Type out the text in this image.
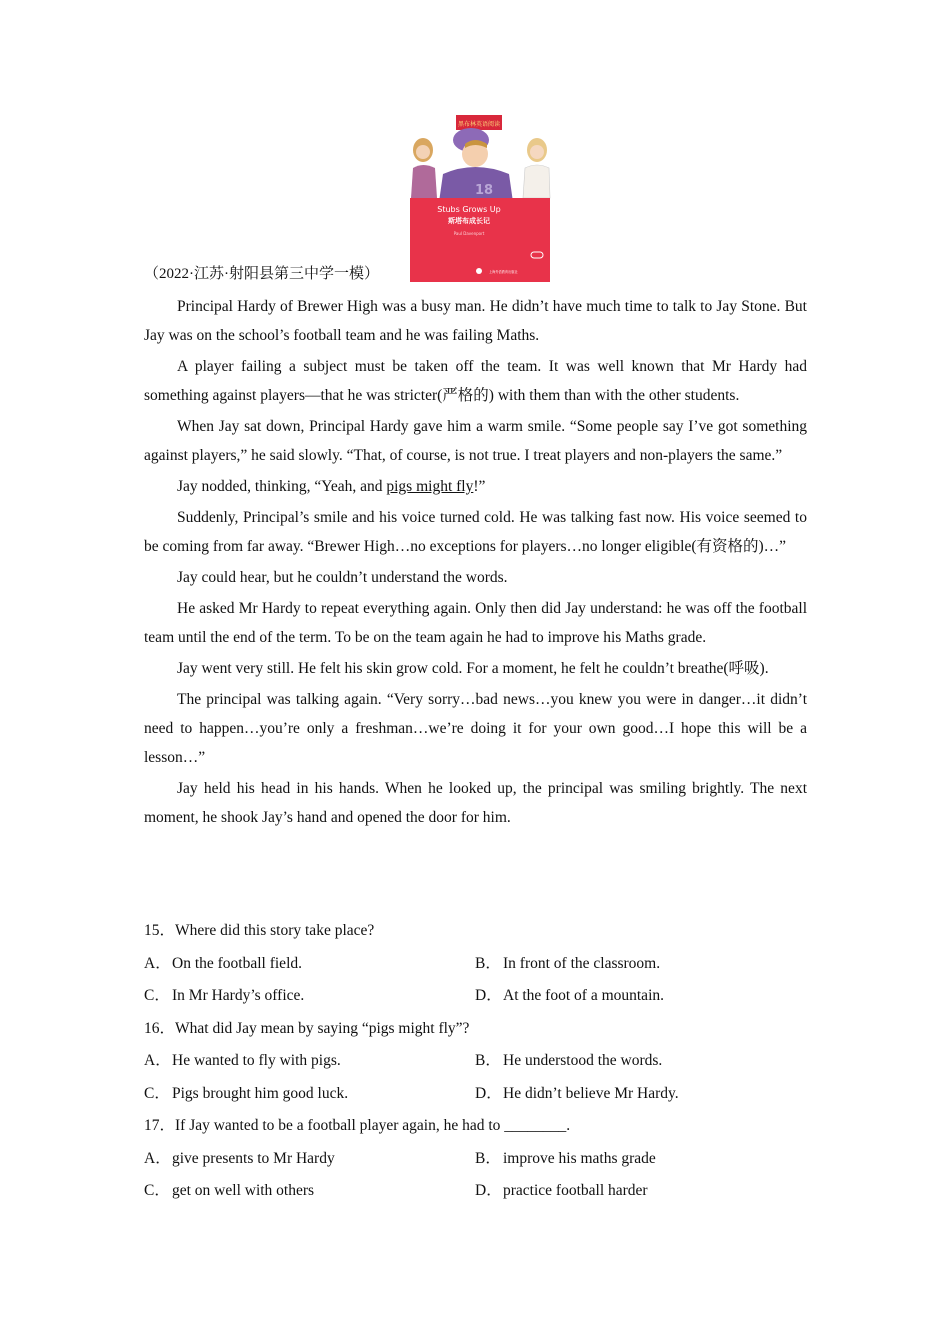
黑布林英语阅读
18
Stubs Grows Up
斯塔布成长记
Paul Davenport
上海外语教育出版社
（2022·江苏·射阳县第三中学一模）

Principal Hardy of Brewer High was a busy man. He didn’t have much time to talk to Jay Stone. But Jay was on the school’s football team and he was failing Maths.

A player failing a subject must be taken off the team. It was well known that Mr Hardy had something against players—that he was stricter(严格的) with them than with the other students.

When Jay sat down, Principal Hardy gave him a warm smile. “Some people say I’ve got something against players,” he said slowly. “That, of course, is not true. I treat players and non-players the same.”

Jay nodded, thinking, “Yeah, and pigs might fly!”

Suddenly, Principal’s smile and his voice turned cold. He was talking fast now. His voice seemed to be coming from far away. “Brewer High…no exceptions for players…no longer eligible(有资格的)…”

Jay could hear, but he couldn’t understand the words.

He asked Mr Hardy to repeat everything again. Only then did Jay understand: he was off the football team until the end of the term. To be on the team again he had to improve his Maths grade.

Jay went very still. He felt his skin grow cold. For a moment, he felt he couldn’t breathe(呼吸).

The principal was talking again. “Very sorry…bad news…you knew you were in danger…it didn’t need to happen…you’re only a freshman…we’re doing it for your own good…I hope this will be a lesson…”

Jay held his head in his hands. When he looked up, the principal was smiling brightly. The next moment, he shook Jay’s hand and opened the door for him.

15．Where did this story take place?
A．On the football field.	B． In front of the classroom.
C． In Mr Hardy’s office.	D．At the foot of a mountain.
16．What did Jay mean by saying “pigs might fly”?
A．He wanted to fly with pigs.	B． He understood the words.
C． Pigs brought him good luck.	D．He didn’t believe Mr Hardy.
17．If Jay wanted to be a football player again, he had to ________.
A．give presents to Mr Hardy	B． improve his maths grade
C． get on well with others	D．practice football harder
